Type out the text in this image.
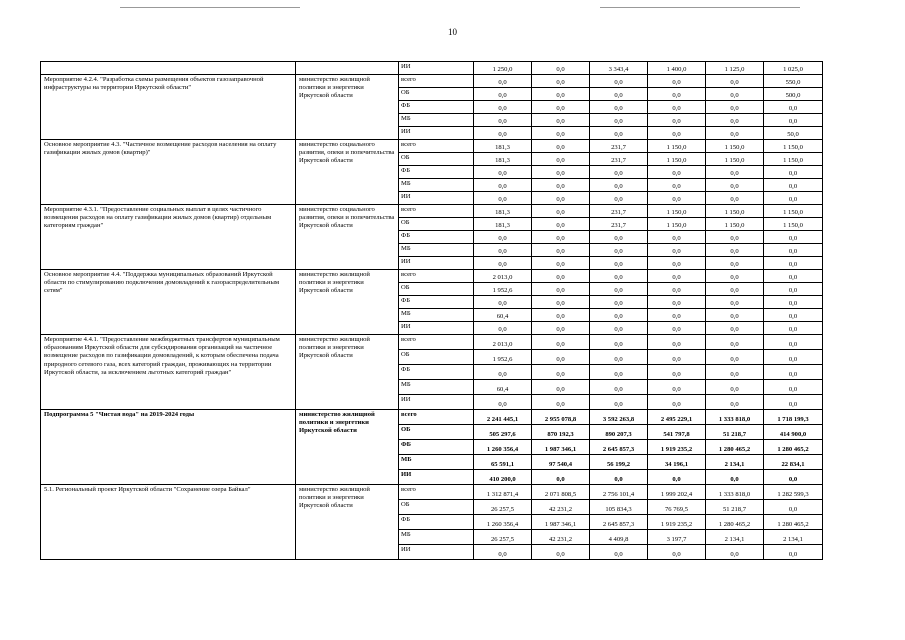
10
		ИИ	1 250,0	0,0	3 343,4	1 400,0	1 125,0	1 025,0
Мероприятие 4.2.4. "Разработка схемы размещения объектов газозаправочной инфраструктуры на территории Иркутской области"	министерство жилищной политики и энергетики Иркутской области	всего	0,0	0,0	0,0	0,0	0,0	550,0
		ОБ	0,0	0,0	0,0	0,0	0,0	500,0
		ФБ	0,0	0,0	0,0	0,0	0,0	0,0
		МБ	0,0	0,0	0,0	0,0	0,0	0,0
		ИИ	0,0	0,0	0,0	0,0	0,0	50,0
Основное мероприятие 4.3. "Частичное возмещение расходов населения на оплату газификации жилых домов (квартир)"	министерство социального развития, опеки и попечительства Иркутской области	всего	181,3	0,0	231,7	1 150,0	1 150,0	1 150,0
		ОБ	181,3	0,0	231,7	1 150,0	1 150,0	1 150,0
		ФБ	0,0	0,0	0,0	0,0	0,0	0,0
		МБ	0,0	0,0	0,0	0,0	0,0	0,0
		ИИ	0,0	0,0	0,0	0,0	0,0	0,0
Мероприятие 4.3.1. "Предоставление социальных выплат в целях частичного возмещения расходов на оплату газификации жилых домов (квартир) отдельным категориям граждан"	министерство социального развития, опеки и попечительства Иркутской области	всего	181,3	0,0	231,7	1 150,0	1 150,0	1 150,0
		ОБ	181,3	0,0	231,7	1 150,0	1 150,0	1 150,0
		ФБ	0,0	0,0	0,0	0,0	0,0	0,0
		МБ	0,0	0,0	0,0	0,0	0,0	0,0
		ИИ	0,0	0,0	0,0	0,0	0,0	0,0
Основное мероприятие 4.4. "Поддержка муниципальных образований Иркутской области по стимулированию подключения домовладений к газораспределительным сетям"	министерство жилищной политики и энергетики Иркутской области	всего	2 013,0	0,0	0,0	0,0	0,0	0,0
		ОБ	1 952,6	0,0	0,0	0,0	0,0	0,0
		ФБ	0,0	0,0	0,0	0,0	0,0	0,0
		МБ	60,4	0,0	0,0	0,0	0,0	0,0
		ИИ	0,0	0,0	0,0	0,0	0,0	0,0
Мероприятие 4.4.1. "Предоставление межбюджетных трансфертов муниципальным образованиям Иркутской области для субсидирования организаций на частичное возмещение расходов по газификации домовладений, к которым обеспечена подача природного сетевого газа, всех категорий граждан, проживающих на территории Иркутской области, за исключением льготных категорий граждан"	министерство жилищной политики и энергетики Иркутской области	всего	2 013,0	0,0	0,0	0,0	0,0	0,0
		ОБ	1 952,6	0,0	0,0	0,0	0,0	0,0
		ФБ	0,0	0,0	0,0	0,0	0,0	0,0
		МБ	60,4	0,0	0,0	0,0	0,0	0,0
		ИИ	0,0	0,0	0,0	0,0	0,0	0,0
Подпрограмма 5 "Чистая вода" на 2019-2024 годы	министерство жилищной политики и энергетики Иркутской области	всего	2 241 445,1	2 955 078,8	3 592 263,8	2 495 229,1	1 333 818,0	1 718 199,3
		ОБ	505 297,6	870 192,3	890 207,3	541 797,8	51 218,7	414 900,0
		ФБ	1 260 356,4	1 987 346,1	2 645 857,3	1 919 235,2	1 280 465,2	1 280 465,2
		МБ	65 591,1	97 540,4	56 199,2	34 196,1	2 134,1	22 834,1
		ИИ	410 200,0	0,0	0,0	0,0	0,0	0,0
5.1. Региональный проект Иркутской области "Сохранение озера Байкал"	министерство жилищной политики и энергетики Иркутской области	всего	1 312 871,4	2 071 808,5	2 756 101,4	1 999 202,4	1 333 818,0	1 282 599,3
		ОБ	26 257,5	42 231,2	105 834,3	76 769,5	51 218,7	0,0
		ФБ	1 260 356,4	1 987 346,1	2 645 857,3	1 919 235,2	1 280 465,2	1 280 465,2
		МБ	26 257,5	42 231,2	4 409,8	3 197,7	2 134,1	2 134,1
		ИИ	0,0	0,0	0,0	0,0	0,0	0,0
